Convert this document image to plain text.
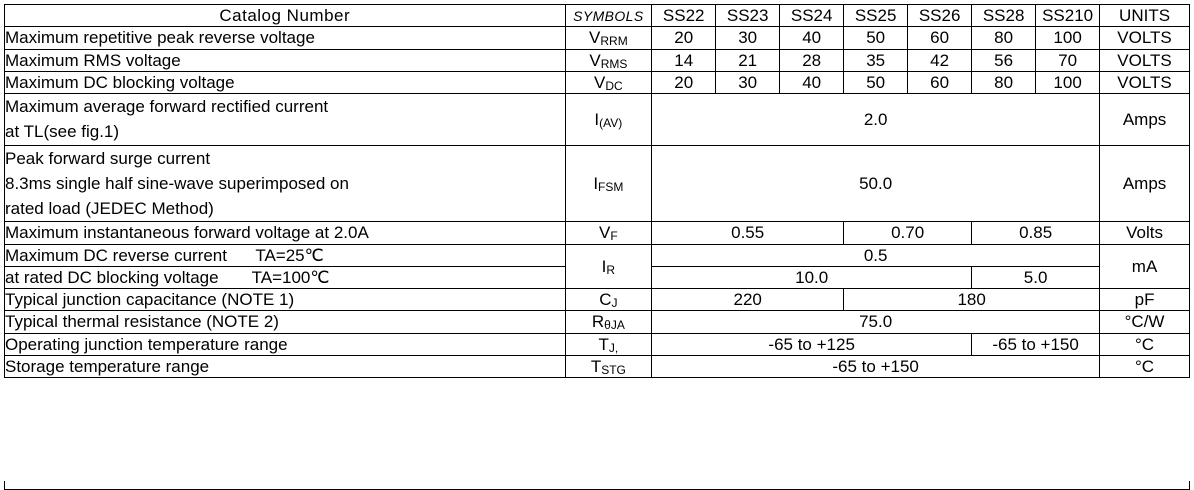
Catalog Number	SYMBOLS	SS22	SS23	SS24	SS25	SS26	SS28	SS210	UNITS
Maximum repetitive peak reverse voltage	VRRM	20	30	40	50	60	80	100	VOLTS
Maximum RMS voltage	VRMS	14	21	28	35	42	56	70	VOLTS
Maximum DC blocking voltage	VDC	20	30	40	50	60	80	100	VOLTS

Maximum average forward rectified current
at TL(see fig.1)	I(AV)	2.0							Amps

Peak forward surge current
8.3ms single half sine-wave superimposed on
rated load (JEDEC Method)	IFSM	50.0							Amps
Maximum instantaneous forward voltage at 2.0A	VF	0.55			0.70		0.85		Volts
Maximum DC reverse current      TA=25℃	IR	0.5							mA
at rated DC blocking voltage       TA=100℃		10.0					5.0		
Typical junction capacitance (NOTE 1)	CJ	220			180				pF
Typical thermal resistance (NOTE 2)	RθJA	75.0							°C/W
Operating junction temperature range	TJ,	-65 to +125					-65 to +150		°C
Storage temperature range	TSTG	-65 to +150							°C
